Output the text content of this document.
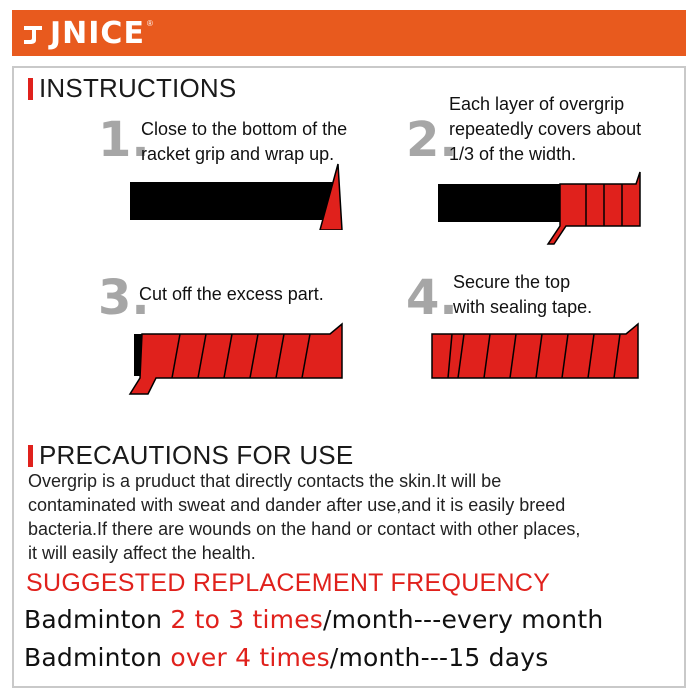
JNICE ®
INSTRUCTIONS
1.
Close to the bottom of the
racket grip and wrap up. 2.
Each layer of overgrip
repeatedly covers about
1/3 of the width.
3.
Cut off the excess part. 4.
Secure the top
with sealing tape.
PRECAUTIONS FOR USE
Overgrip is a pruduct that directly contacts the skin.It will be
contaminated with sweat and dander after use,and it is easily breed
bacteria.If there are wounds on the hand or contact with other places,
it will easily affect the health.
SUGGESTED REPLACEMENT FREQUENCY
Badminton 2 to 3 times/month---every month
Badminton over 4 times/month---15 days
